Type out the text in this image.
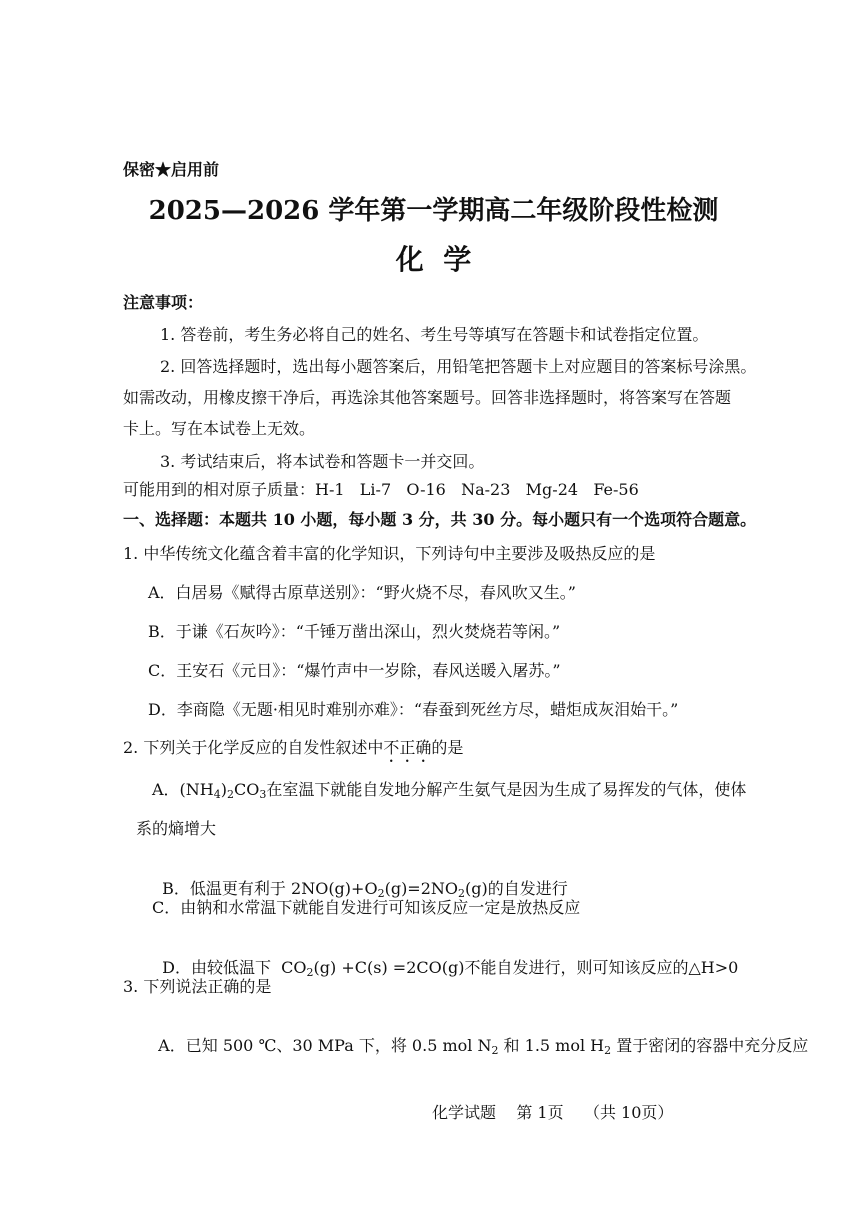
保密★启用前
2025—2026 学年第一学期高二年级阶段性检测
化  学
注意事项：
1. 答卷前，考生务必将自己的姓名、考生号等填写在答题卡和试卷指定位置。
2. 回答选择题时，选出每小题答案后，用铅笔把答题卡上对应题目的答案标号涂黑。
如需改动，用橡皮擦干净后，再选涂其他答案题号。回答非选择题时，将答案写在答题
卡上。写在本试卷上无效。
3. 考试结束后，将本试卷和答题卡一并交回。
可能用到的相对原子质量：H-1   Li-7   O-16   Na-23   Mg-24   Fe-56
一、选择题：本题共 10 小题，每小题 3 分，共 30 分。每小题只有一个选项符合题意。
1. 中华传统文化蕴含着丰富的化学知识，下列诗句中主要涉及吸热反应的是
A．白居易《赋得古原草送别》：“野火烧不尽，春风吹又生。”
B．于谦《石灰吟》：“千锤万凿出深山，烈火焚烧若等闲。”
C．王安石《元日》：“爆竹声中一岁除，春风送暖入屠苏。”
D．李商隐《无题·相见时难别亦难》：“春蚕到死丝方尽，蜡炬成灰泪始干。”
2. 下列关于化学反应的自发性叙述中不正确的是
A．$(NH_4)_2CO_3$在室温下就能自发地分解产生氨气是因为生成了易挥发的气体，使体
系的熵增大

B．低温更有利于 $2NO(g)+O_2(g)=2NO_2(g)$的自发进行

C．由钠和水常温下就能自发进行可知该反应一定是放热反应

D．由较低温下  $CO_2(g) +C(s) =2CO(g)$不能自发进行，则可知该反应的△H>0

3. 下列说法正确的是

A．已知 500 ℃、30 MPa 下，将 0.5 mol $N_2$ 和 1.5 mol $H_2$ 置于密闭的容器中充分反应

化学试题    第 1页    （共 10页）
